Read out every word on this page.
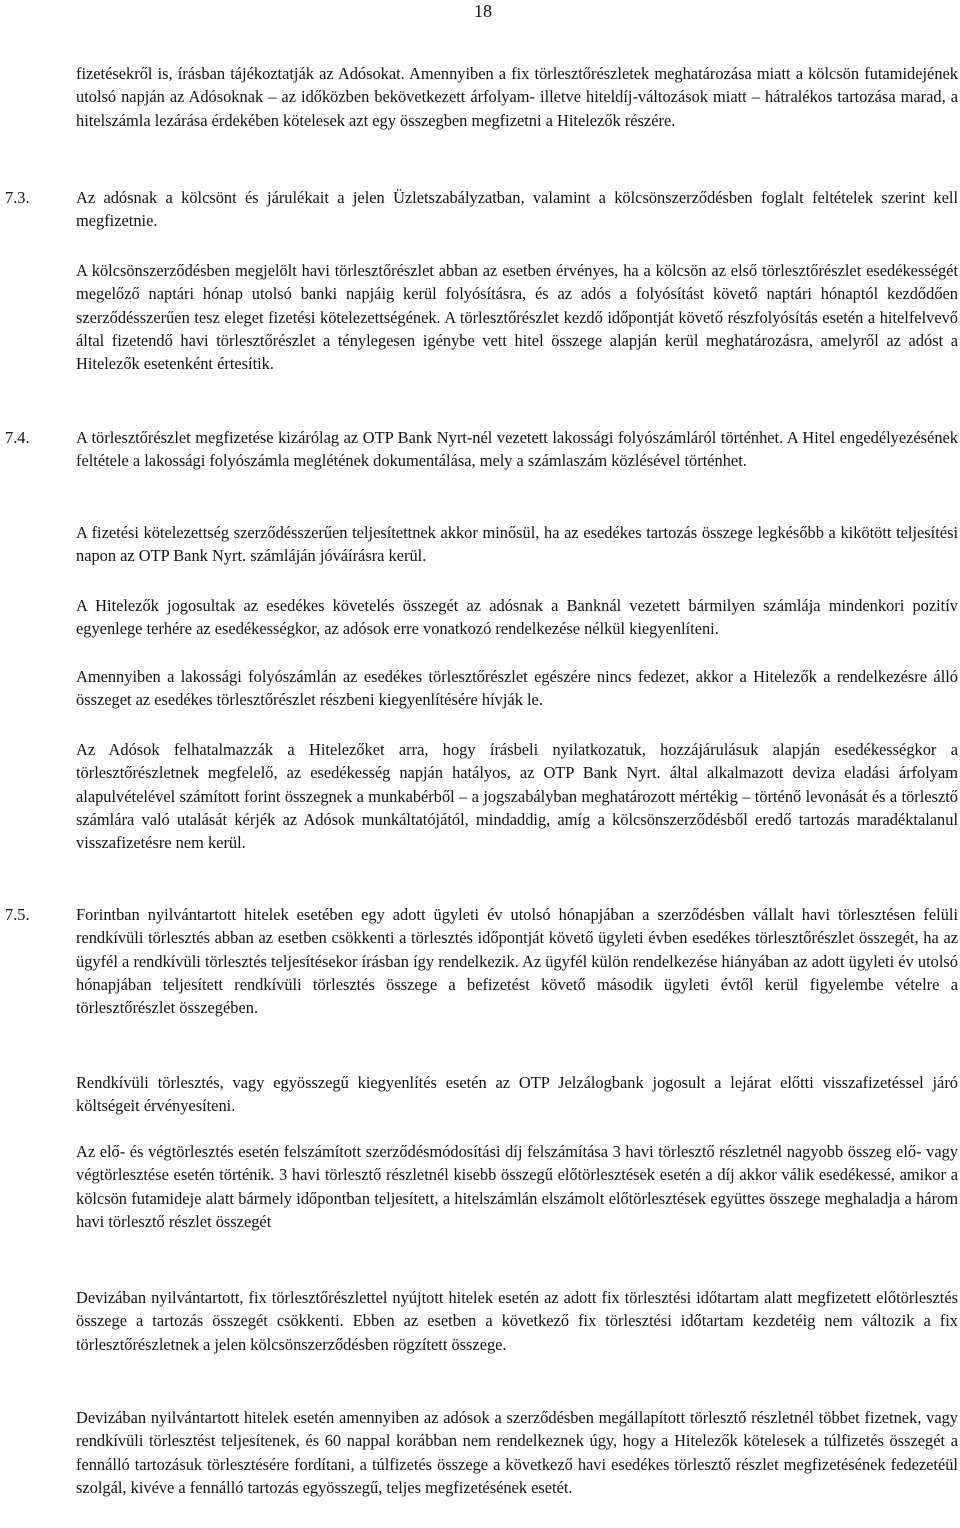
18

fizetésekről is, írásban tájékoztatják az Adósokat. Amennyiben a fix törlesztőrészletek meghatározása miatt a kölcsön futamidejének utolsó napján az Adósoknak – az időközben bekövetkezett árfolyam- illetve hiteldíj-változások miatt – hátralékos tartozása marad, a hitelszámla lezárása érdekében kötelesek azt egy összegben megfizetni a Hitelezők részére.

7.3.	Az adósnak a kölcsönt és járulékait a jelen Üzletszabályzatban, valamint a kölcsönszerződésben foglalt feltételek szerint kell megfizetnie.

A kölcsönszerződésben megjelölt havi törlesztőrészlet abban az esetben érvényes, ha a kölcsön az első törlesztőrészlet esedékességét megelőző naptári hónap utolsó banki napjáig kerül folyósításra, és az adós a folyósítást követő naptári hónaptól kezdődően szerződésszerűen tesz eleget fizetési kötelezettségének. A törlesztőrészlet kezdő időpontját követő részfolyósítás esetén a hitelfelvevő által fizetendő havi törlesztőrészlet a ténylegesen igénybe vett hitel összege alapján kerül meghatározásra, amelyről az adóst a Hitelezők esetenként értesítik.

7.4.	A törlesztőrészlet megfizetése kizárólag az OTP Bank Nyrt-nél vezetett lakossági folyószámláról történhet. A Hitel engedélyezésének feltétele a lakossági folyószámla meglétének dokumentálása, mely a számlaszám közlésével történhet.

A fizetési kötelezettség szerződésszerűen teljesítettnek akkor minősül, ha az esedékes tartozás összege legkésőbb a kikötött teljesítési napon az OTP Bank Nyrt. számláján jóváírásra kerül.

A Hitelezők jogosultak az esedékes követelés összegét az adósnak a Banknál vezetett bármilyen számlája mindenkori pozitív egyenlege terhére az esedékességkor, az adósok erre vonatkozó rendelkezése nélkül kiegyenlíteni.

Amennyiben a lakossági folyószámlán az esedékes törlesztőrészlet egészére nincs fedezet, akkor a Hitelezők a rendelkezésre álló összeget az esedékes törlesztőrészlet részbeni kiegyenlítésére hívják le.

Az Adósok felhatalmazzák a Hitelezőket arra, hogy írásbeli nyilatkozatuk, hozzájárulásuk alapján esedékességkor a törlesztőrészletnek megfelelő, az esedékesség napján hatályos, az OTP Bank Nyrt. által alkalmazott deviza eladási árfolyam alapulvételével számított forint összegnek a munkabérből – a jogszabályban meghatározott mértékig – történő levonását és a törlesztő számlára való utalását kérjék az Adósok munkáltatójától, mindaddig, amíg a kölcsönszerződésből eredő tartozás maradéktalanul visszafizetésre nem kerül.

7.5.	Forintban nyilvántartott hitelek esetében egy adott ügyleti év utolsó hónapjában a szerződésben vállalt havi törlesztésen felüli rendkívüli törlesztés abban az esetben csökkenti a törlesztés időpontját követő ügyleti évben esedékes törlesztőrészlet összegét, ha az ügyfél a rendkívüli törlesztés teljesítésekor írásban így rendelkezik. Az ügyfél külön rendelkezése hiányában az adott ügyleti év utolsó hónapjában teljesített rendkívüli törlesztés összege a befizetést követő második ügyleti évtől kerül figyelembe vételre a törlesztőrészlet összegében.

Rendkívüli törlesztés, vagy egyösszegű kiegyenlítés esetén az OTP Jelzálogbank jogosult a lejárat előtti visszafizetéssel járó költségeit érvényesíteni.

Az elő- és végtörlesztés esetén felszámított szerződésmódosítási díj felszámítása 3 havi törlesztő részletnél nagyobb összeg elő- vagy végtörlesztése esetén történik. 3 havi törlesztő részletnél kisebb összegű előtörlesztések esetén a díj akkor válik esedékessé, amikor a kölcsön futamideje alatt bármely időpontban teljesített, a hitelszámlán elszámolt előtörlesztések együttes összege meghaladja a három havi törlesztő részlet összegét

Devizában nyilvántartott, fix törlesztőrészlettel nyújtott hitelek esetén az adott fix törlesztési időtartam alatt megfizetett előtörlesztés összege a tartozás összegét csökkenti. Ebben az esetben a következő fix törlesztési időtartam kezdetéig nem változik a fix törlesztőrészletnek a jelen kölcsönszerződésben rögzített összege.

Devizában nyilvántartott hitelek esetén amennyiben az adósok a szerződésben megállapított törlesztő részletnél többet fizetnek, vagy rendkívüli törlesztést teljesítenek, és 60 nappal korábban nem rendelkeznek úgy, hogy a Hitelezők kötelesek a túlfizetés összegét a fennálló tartozásuk törlesztésére fordítani, a túlfizetés összege a következő havi esedékes törlesztő részlet megfizetésének fedezetéül szolgál, kivéve a fennálló tartozás egyösszegű, teljes megfizetésének esetét.
